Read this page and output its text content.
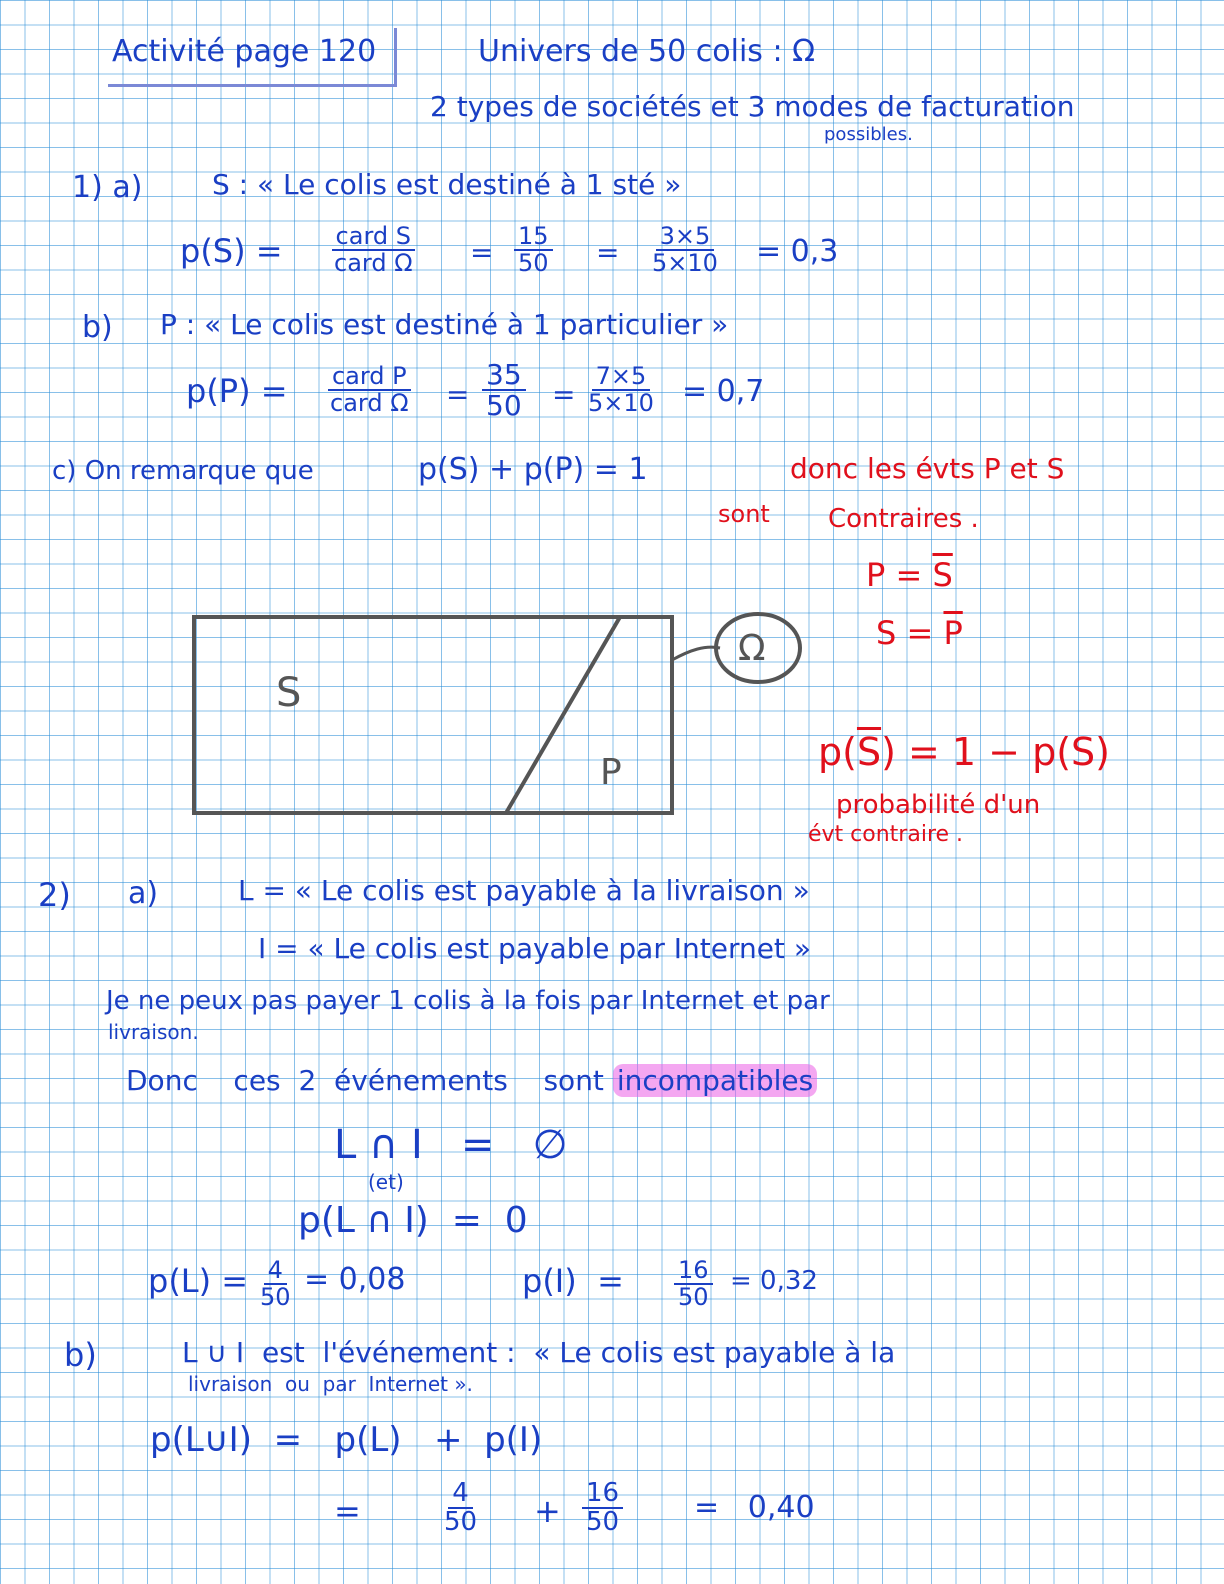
Activité page 120	Univers de 50 colis : Ω
2 types de sociétés et 3 modes de facturation
possibles.
1) a) S : « Le colis est destiné à 1 sté »
p(S) = card S
card $\Omega = \frac{15}{50} = \frac{3\times 5}{5\times 10} = 0,3$
b) P : « Le colis est destiné à 1 particulier »
p(P) = card P
card $\Omega = \frac{35}{50} = \frac{7\times 5}{5\times 10} = 0,7$
c) On remarque que	p(S) + p(P) = 1	donc les évts P et S
sont Contraires .
$P = \overline{S}$
$S = \overline{P}$
S
P
Ω
$p(\overline{S}) = 1 - p(S)$
probabilité d'un
évt contraire .
2) a)	L = « Le colis est payable à la livraison »
I = « Le colis est payable par Internet »
Je ne peux pas payer 1 colis à la fois par Internet et par
livraison.
Donc    ces  2  événements    sont incompatibles
L ∩ I   =   ∅
(et)
p(L ∩ I)  =  0
$p(L) = \frac{4}{50} = 0,08$	$p(I) = \frac{16}{50} = 0,32$
b)	L ∪ I  est  l'événement :  « Le colis est payable à la
livraison  ou  par  Internet ».
p(L∪I)  =   p(L)   +  p(I)
=	$\frac{4}{50} + \frac{16}{50} = 0,40$
